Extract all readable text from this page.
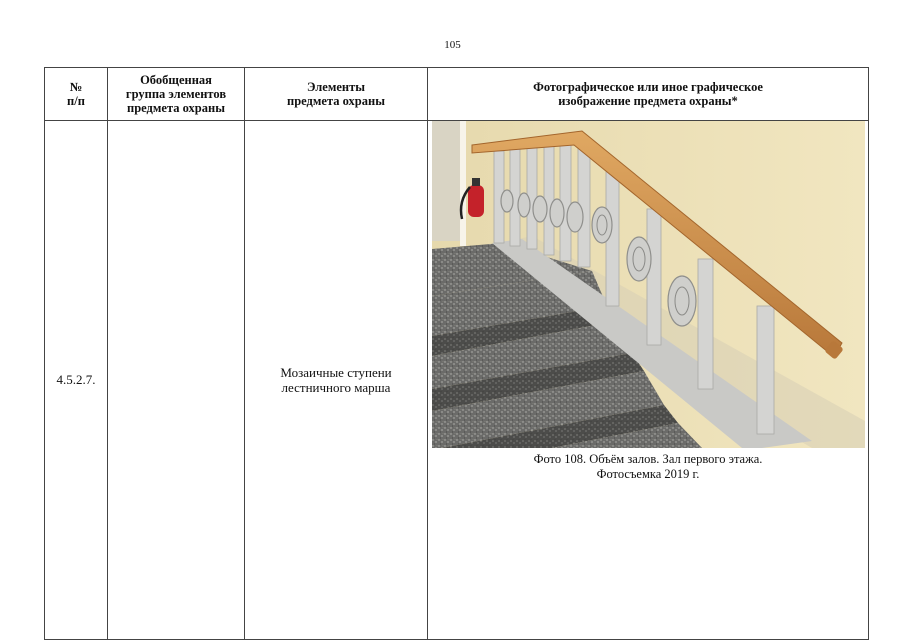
105
№
п/п	Обобщенная
группа элементов
предмета охраны	Элементы
предмета охраны	Фотографическое или иное графическое
изображение предмета охраны*

4.5.2.7.		Мозаичные ступени
лестничного марша	Фото 108. Объём залов. Зал первого этажа.
Фотосъемка 2019 г.
